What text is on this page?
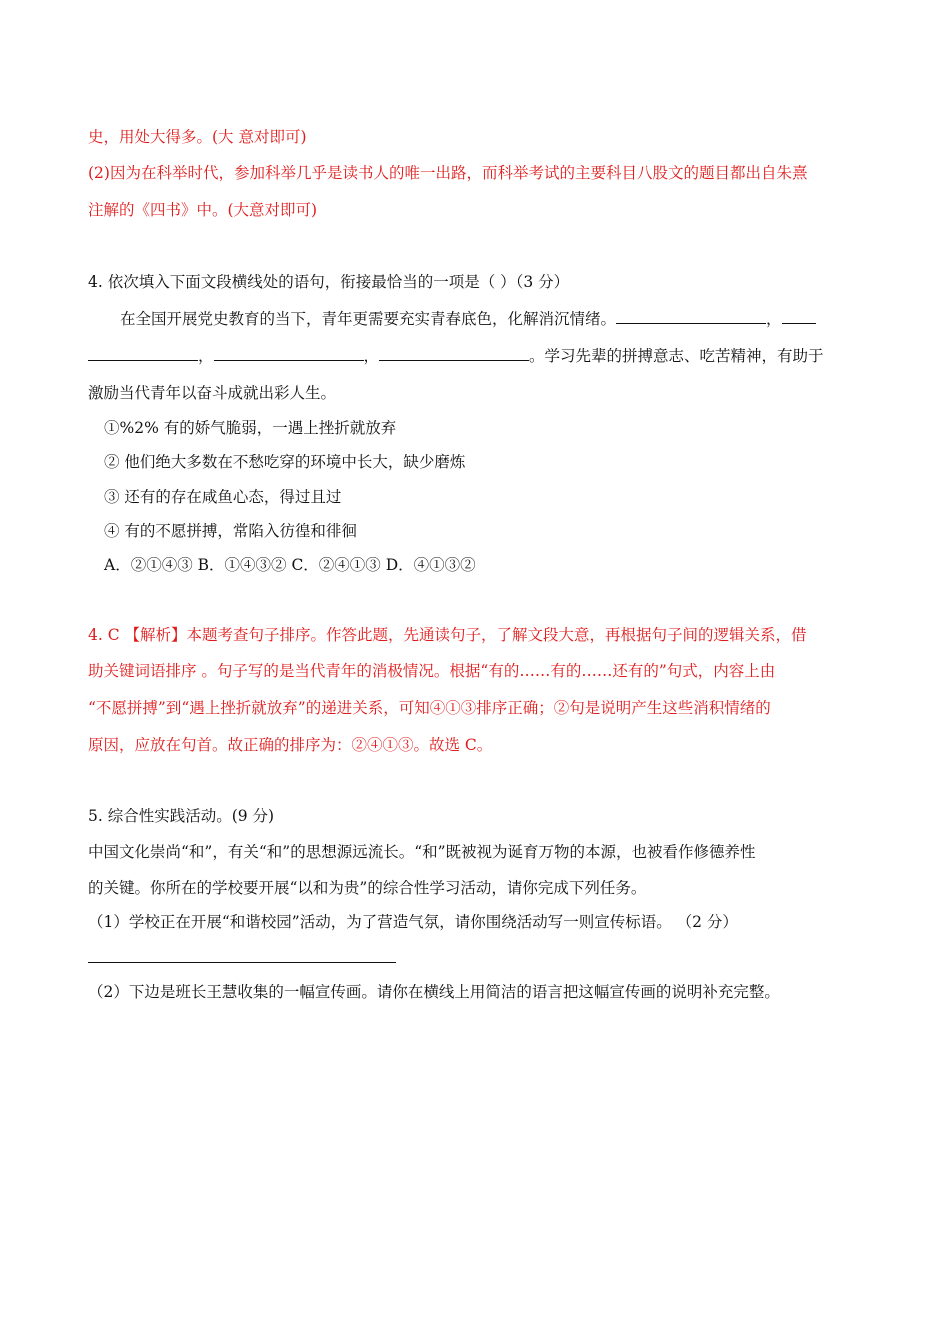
史，用处大得多。(大 意对即可)
(2)因为在科举时代，参加科举几乎是读书人的唯一出路，而科举考试的主要科目八股文的题目都出自朱熹
注解的《四书》中。(大意对即可)
4. 依次填入下面文段横线处的语句，衔接最恰当的一项是（ ）（3 分）
在全国开展党史教育的当下，青年更需要充实青春底色，化解消沉情绪。	，
，	，	。学习先辈的拼搏意志、吃苦精神，有助于
激励当代青年以奋斗成就出彩人生。
①%2% 有的娇气脆弱，一遇上挫折就放弃
② 他们绝大多数在不愁吃穿的环境中长大，缺少磨炼
③ 还有的存在咸鱼心态，得过且过
④ 有的不愿拼搏，常陷入彷徨和徘徊
A．②①④③ B．①④③② C．②④①③ D．④①③②
4. C 【解析】本题考查句子排序。作答此题，先通读句子，了解文段大意，再根据句子间的逻辑关系，借
助关键词语排序 。句子写的是当代青年的消极情况。根据“有的……有的……还有的”句式，内容上由
“不愿拼搏”到“遇上挫折就放弃”的递进关系，可知④①③排序正确；②句是说明产生这些消积情绪的
原因，应放在句首。故正确的排序为：②④①③。故选 C。
5. 综合性实践活动。(9 分)
中国文化崇尚“和”，有关“和”的思想源远流长。“和”既被视为诞育万物的本源，也被看作修德养性
的关键。你所在的学校要开展“以和为贵”的综合性学习活动，请你完成下列任务。
（1）学校正在开展“和谐校园”活动，为了营造气氛，请你围绕活动写一则宣传标语。 （2 分）
（2）下边是班长王慧收集的一幅宣传画。请你在横线上用简洁的语言把这幅宣传画的说明补充完整。
